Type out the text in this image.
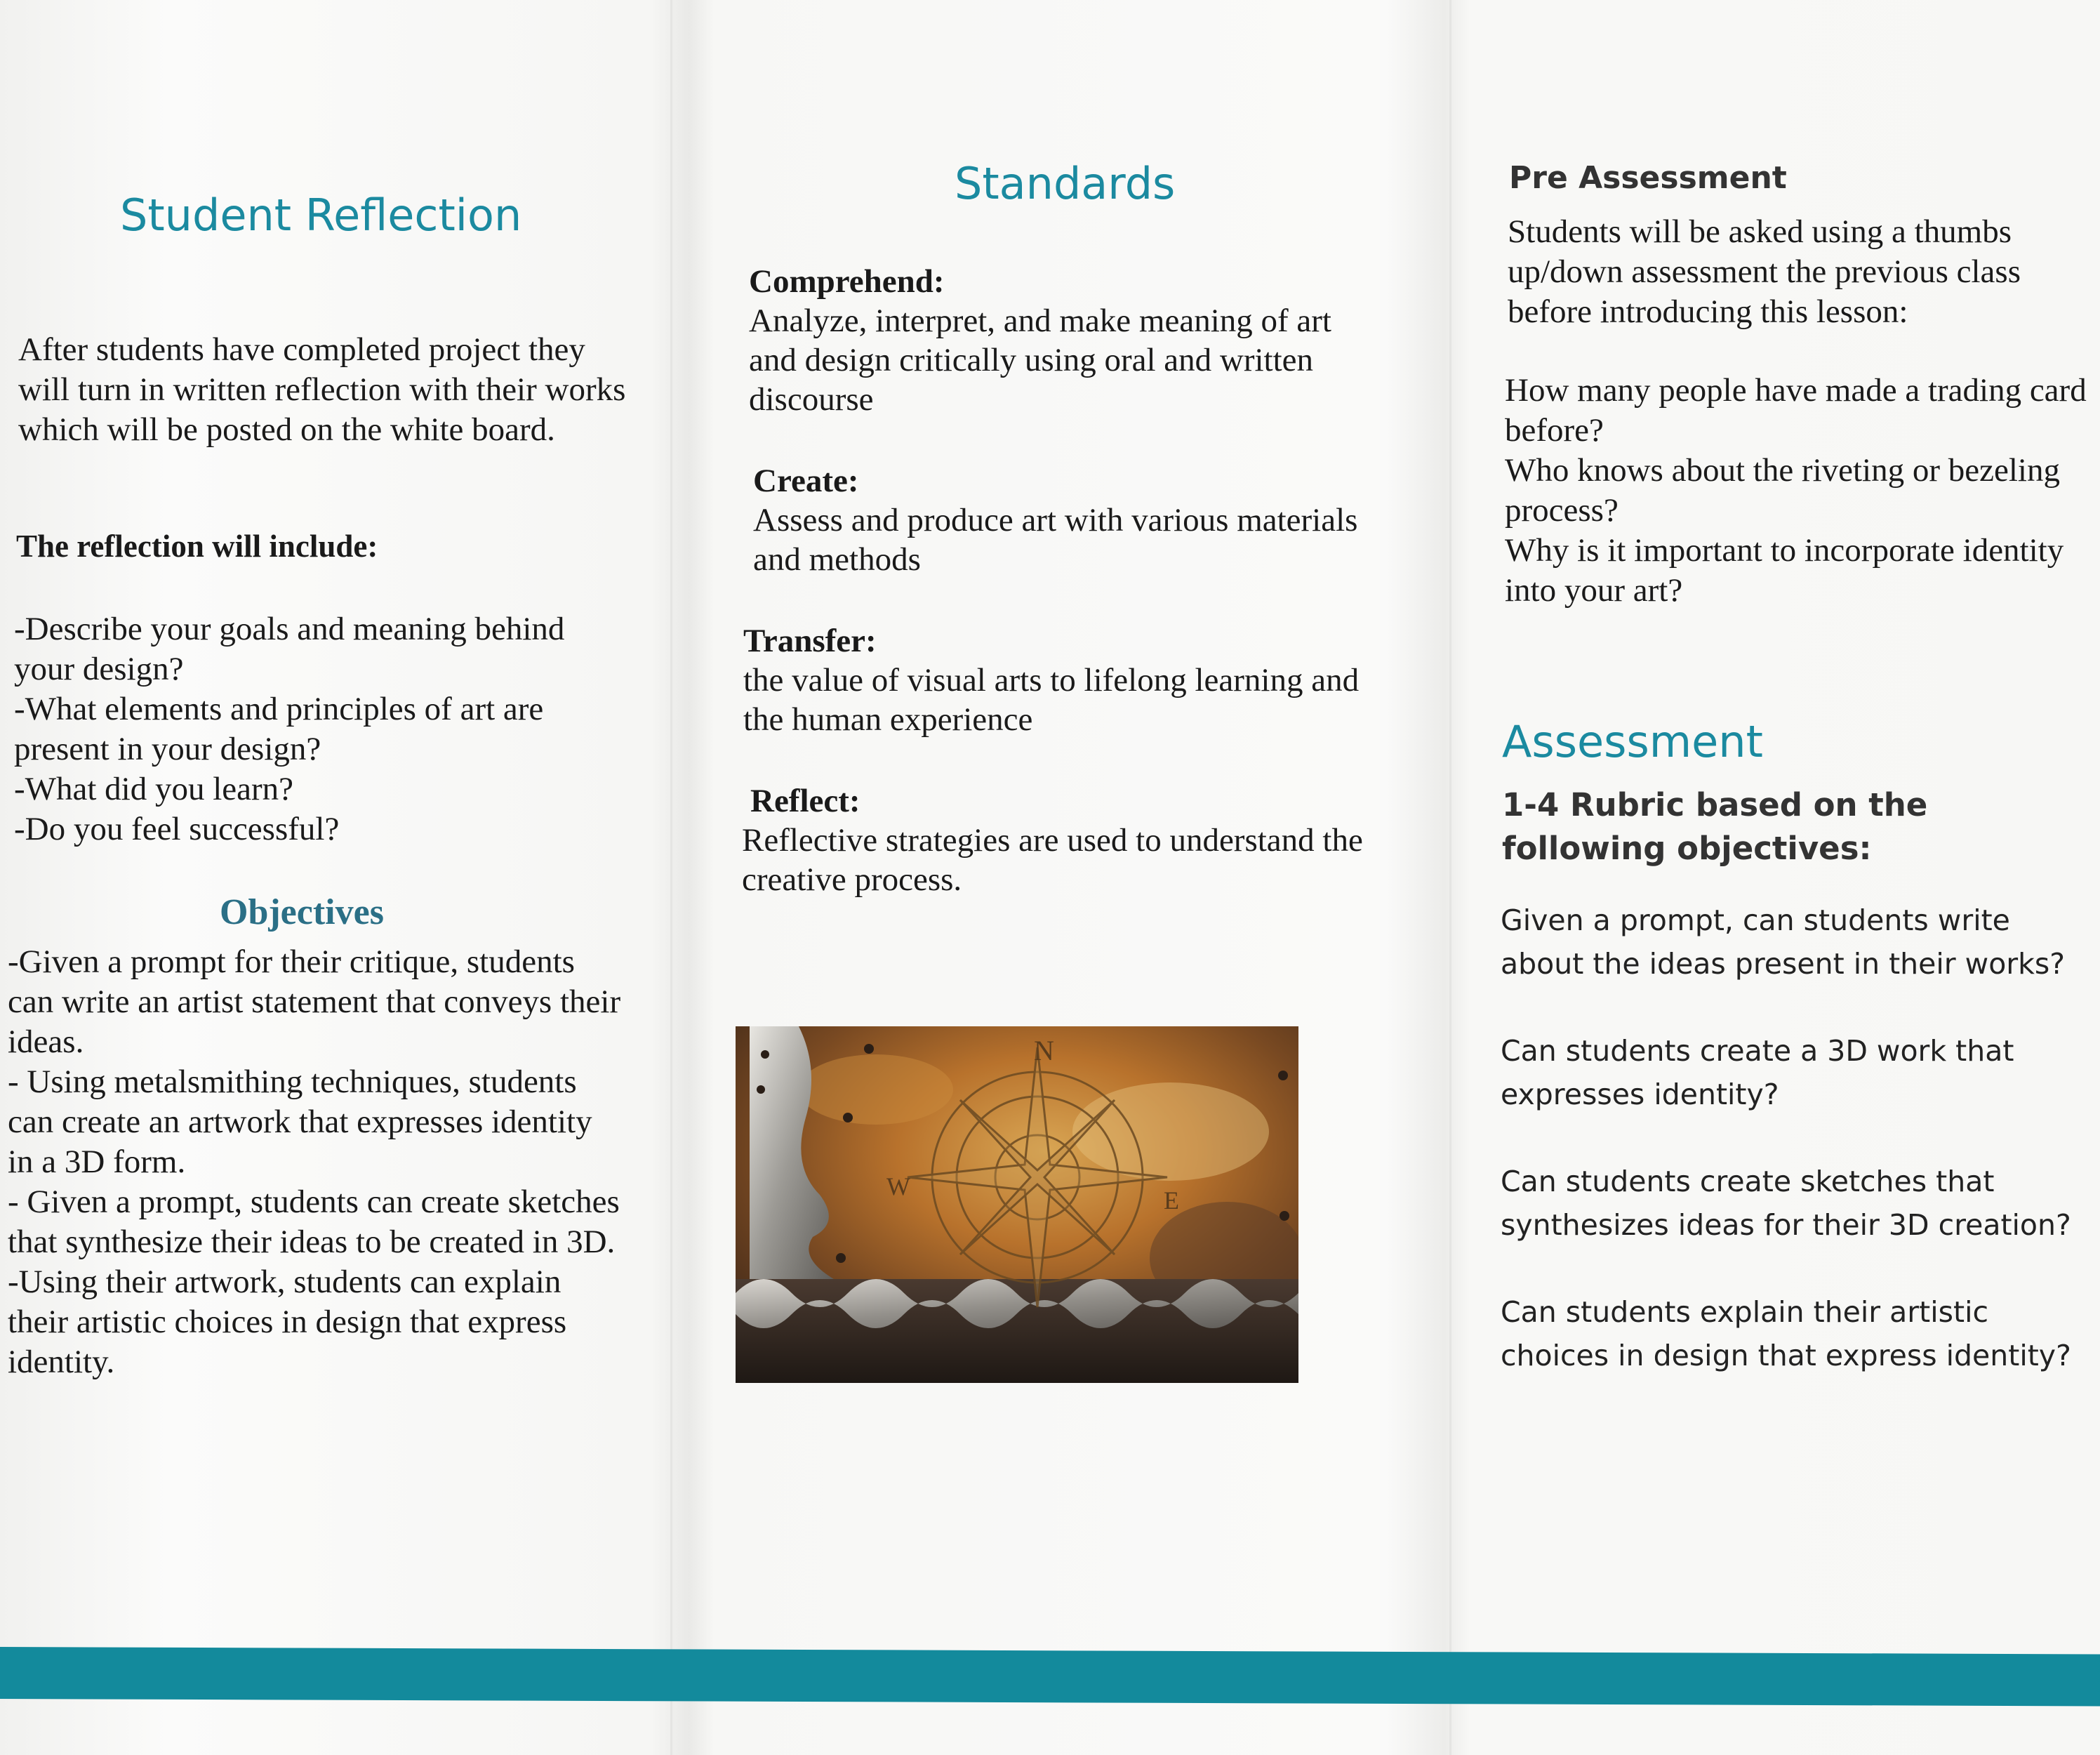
Student Reflection
After students have completed project they will turn in written reflection with their works which will be posted on the white board.
The reflection will include:
-Describe your goals and meaning behind your design?
-What elements and principles of art are present in your design?
-What did you learn?
-Do you feel successful?
Objectives
-Given a prompt for their critique, students can write an artist statement that conveys their ideas.
- Using metalsmithing techniques, students can create an artwork that expresses identity in a 3D form.
- Given a prompt, students can create sketches that synthesize their ideas to be created in 3D.
-Using their artwork, students can explain their artistic choices in design that express identity.
Standards
Comprehend:
Analyze, interpret, and make meaning of art and design critically using oral and written discourse
Create:
Assess and produce art with various materials and methods
Transfer:
the value of visual arts to lifelong learning and the human experience
Reflect:
Reflective strategies are used to understand the creative process.
N
W	E
Pre Assessment
Students will be asked using a thumbs up/down assessment the previous class before introducing this lesson:
How many people have made a trading card before?
Who knows about the riveting or bezeling process?
Why is it important to incorporate identity into your art?
Assessment
1-4 Rubric based on the following objectives:
Given a prompt, can students write about the ideas present in their works?
Can students create a 3D work that expresses identity?
Can students create sketches that synthesizes ideas for their 3D creation?
Can students explain their artistic choices in design that express identity?
